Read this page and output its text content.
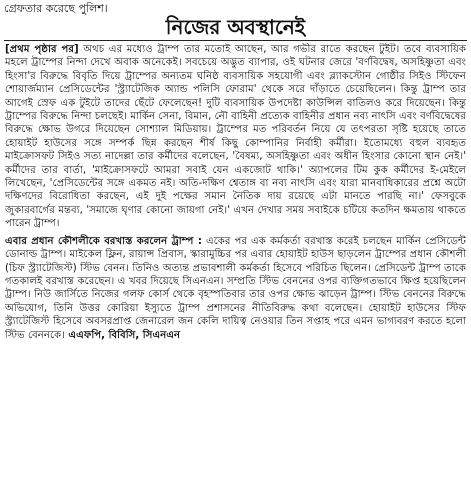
গ্রেফতার করেছে পুলিশ।
নিজের অবস্থানেই

[প্রথম পৃষ্ঠার পর] অথচ এর মধ্যেও ট্রাম্প তার মতোই আছেন, আর গভীর রাতে করছেন টুইট। তবে ব্যবসায়িক মহলে ট্রাম্পের নিন্দা দেখে অবাক অনেকেই। সবচেয়ে অদ্ভুত ব্যাপার, ওই ঘটনার জেরে 'বর্ণবিদ্বেষ, অসহিষ্ণুতা এবং হিংসা'র বিরুদ্ধে বিবৃতি দিয়ে ট্রাম্পের অন্যতম ঘনিষ্ঠ ব্যবসায়িক সহযোগী এবং ব্ল্যাকস্টোন গোষ্ঠীর সিইও স্টিফেন শোয়ার্জম্যান প্রেসিডেন্টের 'স্ট্র্যাটেজিক অ্যান্ড পলিসি ফোরাম' থেকে সরে দাঁড়াতে চেয়েছিলেন। কিন্তু ট্রাম্প তার আগেই স্রেফ এক টুইটে তাদের ছেঁটে ফেলেছেন! দুটি ব্যবসায়িক উপদেষ্টা কাউন্সিল বাতিলও করে দিয়েছেন। কিন্তু ট্রাম্পের বিরুদ্ধে নিন্দা চলছেই। মার্কিন সেনা, বিমান, নৌ বাহিনী প্রত্যেক বাহিনীর প্রধান নব্য নাৎসি এবং বর্ণবিদ্বেষের বিরুদ্ধে ক্ষোভ উগরে দিয়েছেন সোশ্যাল মিডিয়ায়। ট্রাম্পের মত পরিবর্তন নিয়ে যে তৎপরতা সৃষ্টি হয়েছে তাতে হোয়াইট হাউসের সঙ্গে সম্পর্ক ছিন্ন করছেন শীর্ষ কিছু কোম্পানির নির্বাহী কর্মীরা। ইতোমধ্যে বহুল ব্যবহৃত মাইক্রোসফট সিইও সত্য নাদেল্লা তার কর্মীদের বলেছেন, 'বৈষম্য, অসহিষ্ণুতা এবং অধীন হিংসার কোনো স্থান নেই।' কর্মীদের তার বার্তা, 'মাইক্রোসফটে আমরা সবাই যেন একজোট থাকি।' অ্যাপলের টিম কুক কর্মীদের ই-মেইলে লিখেছেন, 'প্রেসিডেন্টের সঙ্গে একমত নই। অতি-দক্ষিণ শ্বেতাঙ্গ বা নব্য নাৎসি এবং যারা মানবাধিকারের প্রশ্নে অটো দক্ষিণদের বিরোধিতা করছেন, এই দুই পক্ষের সমান নৈতিক দায় রয়েছে এটা মানতে পারছি না।' ফেসবুকে জুকারবার্গের মন্তব্য, 'সমাজে ঘৃণার কোনো জায়গা নেই।' এখন দেখার সময় সবাইকে চটিয়ে কতদিন ক্ষমতায় থাকতে পারেন ট্রাম্প।

এবার প্রধান কৌশলীকে বরখাস্ত করলেন ট্রাম্প : একের পর এক কর্মকর্তা বরখাস্ত করেই চলছেন মার্কিন প্রেসিডেন্ট ডোনাল্ড ট্রাম্প। মাইকেল ফ্লিন, রায়ান্স প্রিবাস, স্কারামুচ্চির পর এবার হোয়াইট হাউস ছাড়লেন ট্রাম্পের প্রধান কৌশলী (চিফ স্ট্র্যাটেজিস্ট) স্টিভ বেনন। তিনিও অত্যন্ত প্রভাবশালী কর্মকর্তা হিসেবে পরিচিত ছিলেন। প্রেসিডেন্ট ট্রাম্প তাকে গতকালই বরখাস্ত করেছেন। এ খবর দিয়েছে সিএনএন। সম্প্রতি স্টিভ বেননের ওপর ব্যক্তিগতভাবে ক্ষিপ্ত হয়েছিলেন ট্রাম্প। নিউ জার্সিতে নিজের গলফ কোর্স থেকে বৃহস্পতিবার তার ওপর ক্ষোভ ঝাড়েন ট্রাম্প। স্টিভ বেননের বিরুদ্ধে অভিযোগ, তিনি উত্তর কোরিয়া ইস্যুতে ট্রাম্প প্রশাসনের নীতিবিরুদ্ধ কথা বলেছেন। হোয়াইট হাউসের স্টিফ স্ট্র্যাটেজিস্ট হিসেবে অবসরপ্রাপ্ত জেনারেল জন কেলি দায়িত্ব নেওয়ার তিন সপ্তাহ পরে এমন ভাগ্যবরণ করতে হলো স্টিভ বেননকে। এএফপি, বিবিসি, সিএনএন
